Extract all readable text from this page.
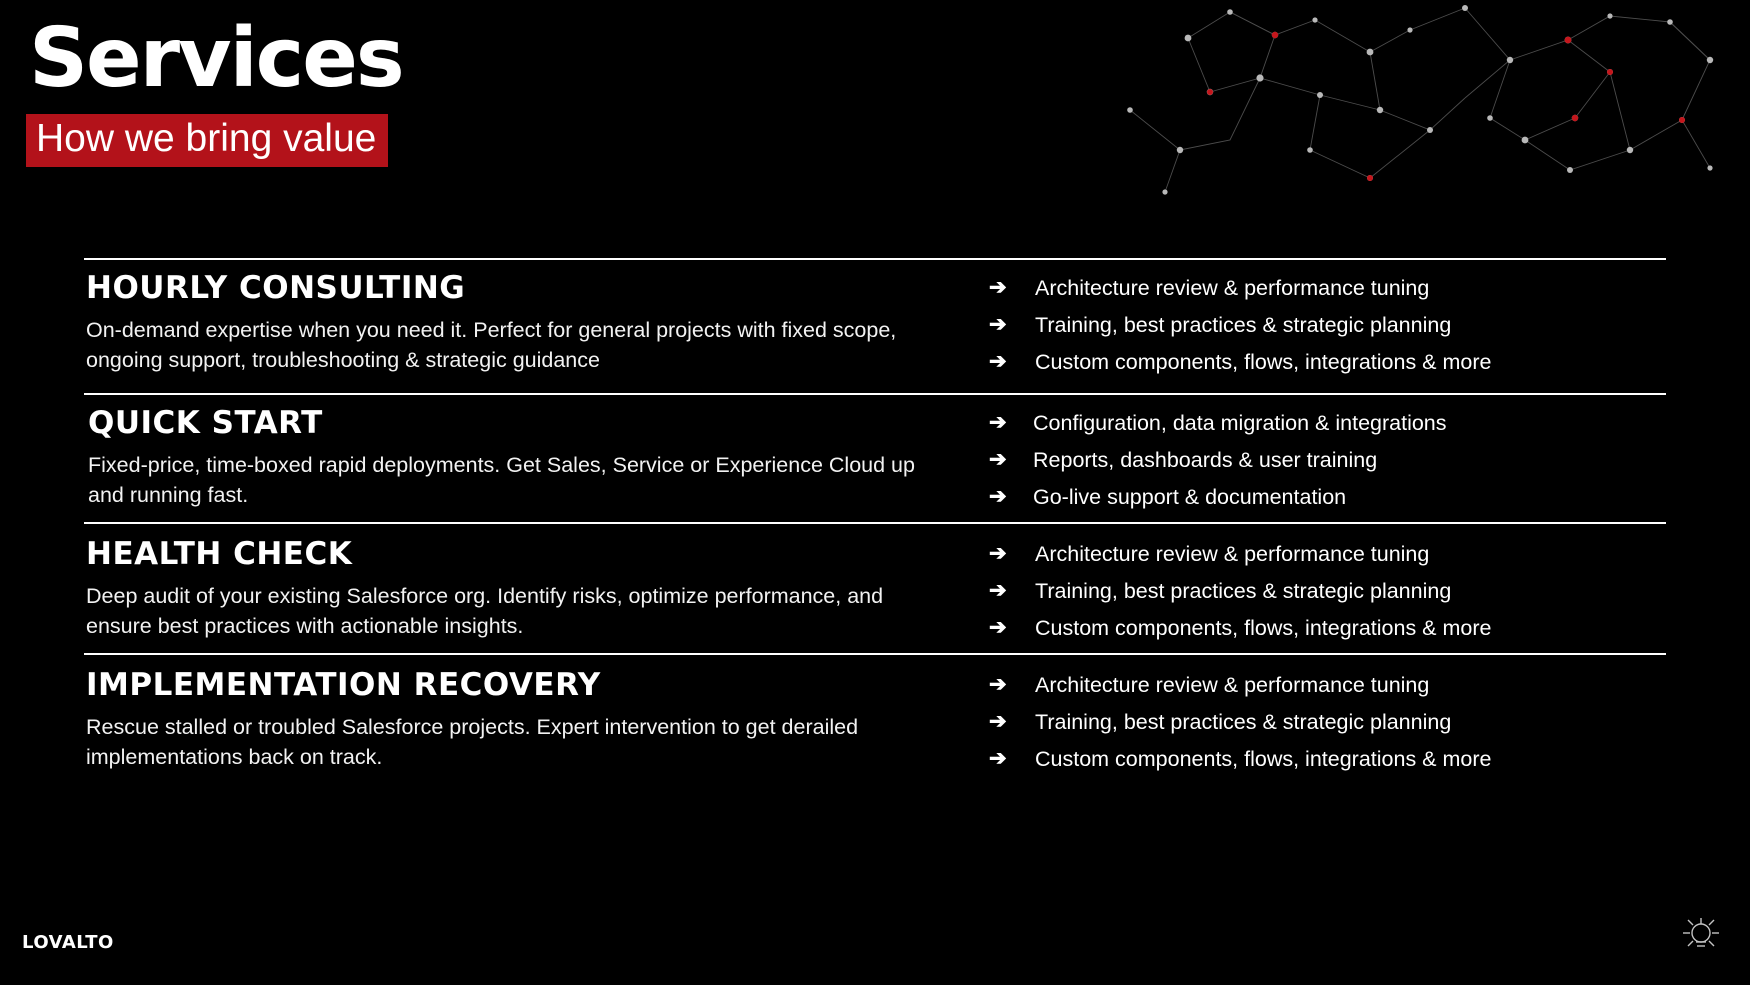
Services
How we bring value
HOURLY CONSULTING
On-demand expertise when you need it. Perfect for general projects with fixed scope, ongoing support, troubleshooting & strategic guidance
➔	Architecture review & performance tuning
➔	Training, best practices & strategic planning
➔	Custom components, flows, integrations & more
QUICK START
Fixed-price, time-boxed rapid deployments. Get Sales, Service or Experience Cloud up and running fast.
➔	Configuration, data migration & integrations
➔	Reports, dashboards & user training
➔	Go-live support & documentation
HEALTH CHECK
Deep audit of your existing Salesforce org. Identify risks, optimize performance, and ensure best practices with actionable insights.
➔	Architecture review & performance tuning
➔	Training, best practices & strategic planning
➔	Custom components, flows, integrations & more
IMPLEMENTATION RECOVERY
Rescue stalled or troubled Salesforce projects. Expert intervention to get derailed implementations back on track.
➔	Architecture review & performance tuning
➔	Training, best practices & strategic planning
➔	Custom components, flows, integrations & more
LOVALTO
